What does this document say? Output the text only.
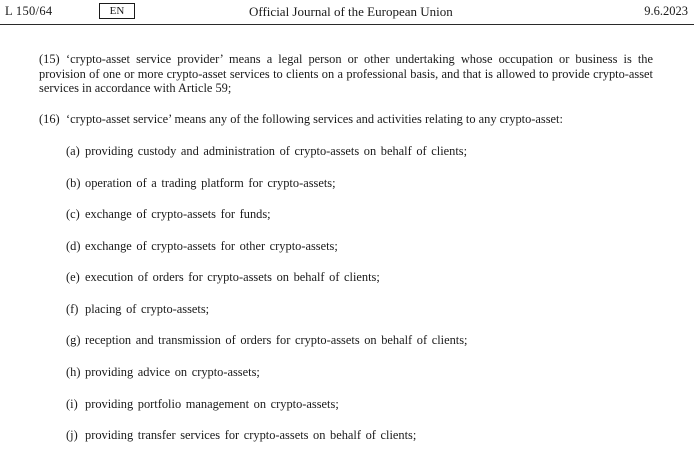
L 150/64	EN	Official Journal of the European Union	9.6.2023
(15) ‘crypto-asset service provider’ means a legal person or other undertaking whose occupation or business is the provision of one or more crypto-asset services to clients on a professional basis, and that is allowed to provide crypto-asset services in accordance with Article 59;
(16) ‘crypto-asset service’ means any of the following services and activities relating to any crypto-asset:
(a) providing custody and administration of crypto-assets on behalf of clients;
(b) operation of a trading platform for crypto-assets;
(c) exchange of crypto-assets for funds;
(d) exchange of crypto-assets for other crypto-assets;
(e) execution of orders for crypto-assets on behalf of clients;
(f) placing of crypto-assets;
(g) reception and transmission of orders for crypto-assets on behalf of clients;
(h) providing advice on crypto-assets;
(i) providing portfolio management on crypto-assets;
(j) providing transfer services for crypto-assets on behalf of clients;
